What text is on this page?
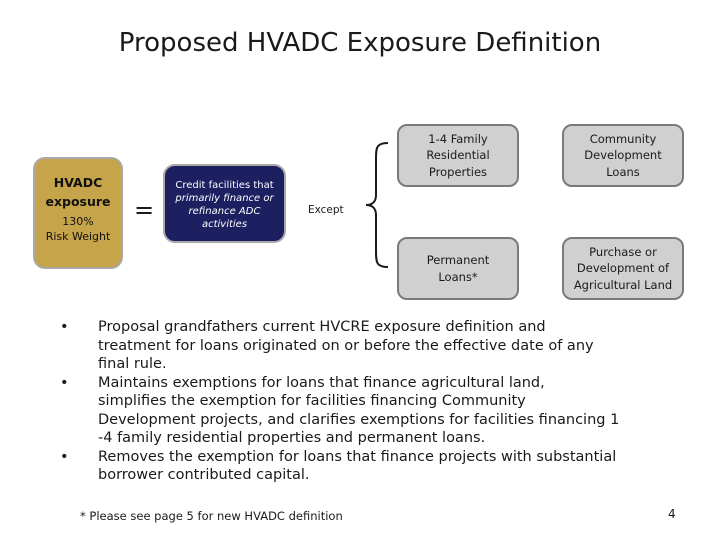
Proposed HVADC Exposure Definition
HVADC
exposure
130%
Risk Weight
=
Credit facilities that
primarily finance or
refinance ADC
activities
Except
1-4 Family
Residential
Properties
Community
Development
Loans
Permanent
Loans*
Purchase or
Development of
Agricultural Land
• Proposal grandfathers current HVCRE exposure definition and
treatment for loans originated on or before the effective date of any
final rule.
• Maintains exemptions for loans that finance agricultural land,
simplifies the exemption for facilities financing Community
Development projects, and clarifies exemptions for facilities financing 1
-4 family residential properties and permanent loans.
• Removes the exemption for loans that finance projects with substantial
borrower contributed capital.
* Please see page 5 for new HVADC definition	4
